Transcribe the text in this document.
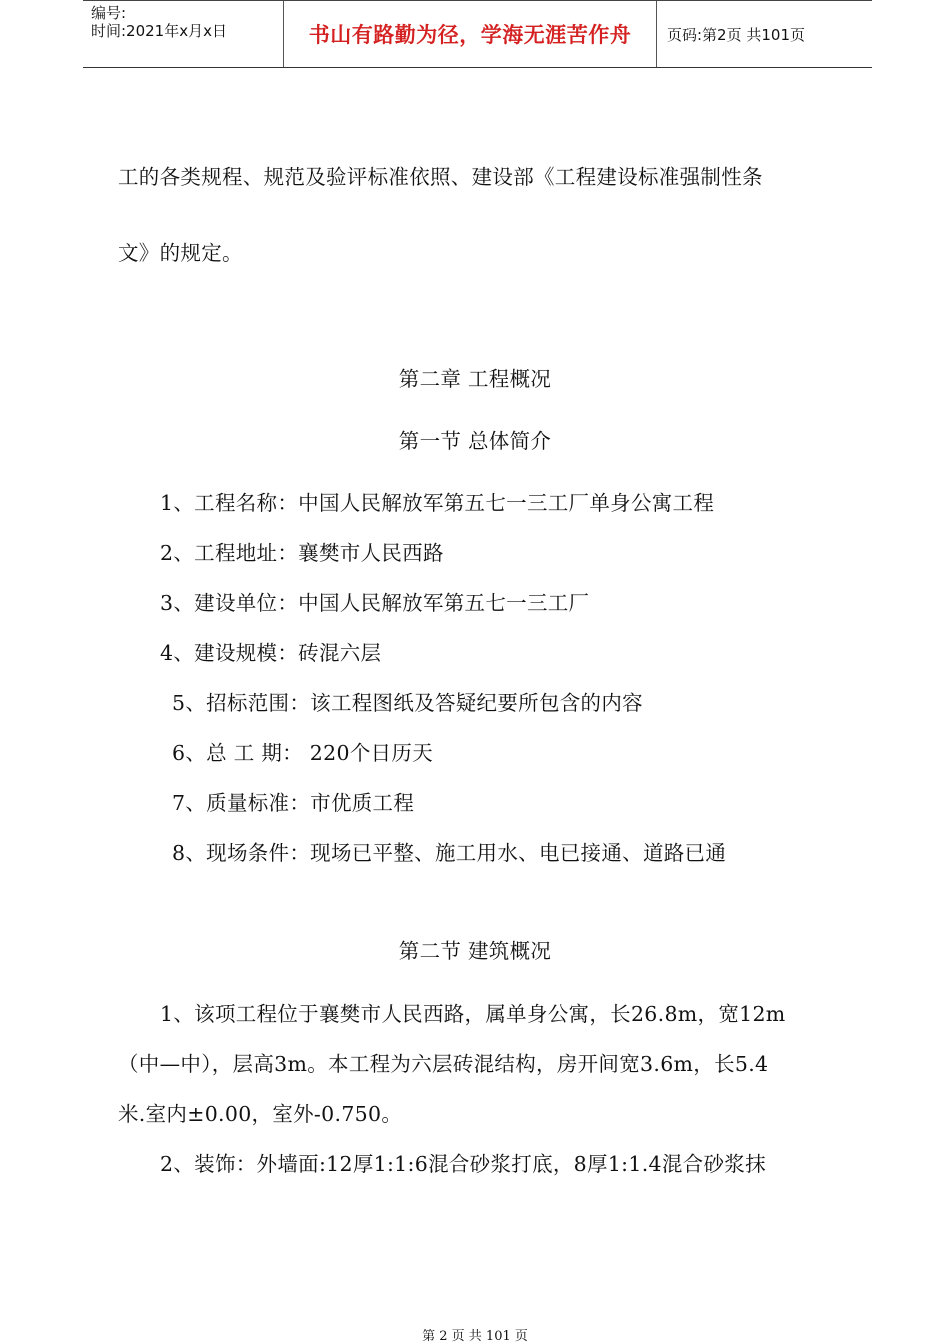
编号:
时间:2021年x月x日	书山有路勤为径，学海无涯苦作舟	页码:第2页 共101页
工的各类规程、规范及验评标准依照、建设部《工程建设标准强制性条
文》的规定。
第二章 工程概况
第一节 总体简介
1、工程名称：中国人民解放军第五七一三工厂单身公寓工程
2、工程地址：襄樊市人民西路
3、建设单位：中国人民解放军第五七一三工厂
4、建设规模：砖混六层
5、招标范围：该工程图纸及答疑纪要所包含的内容
6、总 工 期： 220个日历天
7、质量标准：市优质工程
8、现场条件：现场已平整、施工用水、电已接通、道路已通
第二节 建筑概况
1、该项工程位于襄樊市人民西路，属单身公寓，长26.8m，宽12m
（中—中），层高3m。本工程为六层砖混结构，房开间宽3.6m，长5.4
米.室内±0.00，室外-0.750。
2、装饰：外墙面:12厚1:1:6混合砂浆打底，8厚1:1.4混合砂浆抹
第 2 页 共 101 页
